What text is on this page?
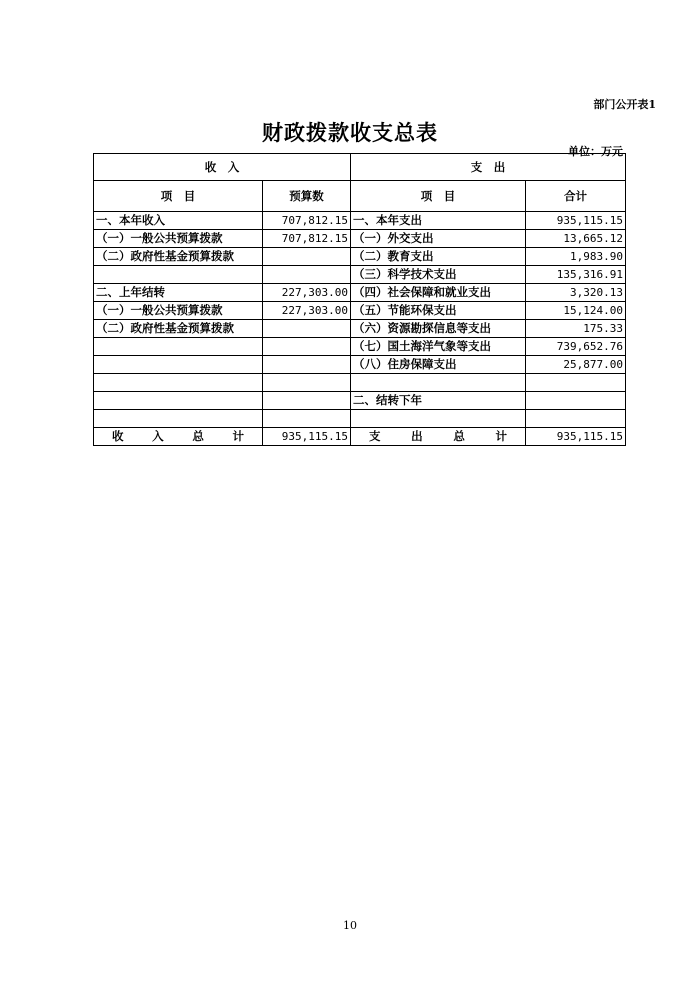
部门公开表1
财政拨款收支总表
单位：万元
收　入		支　出	
项　目	预算数	项　目	合计
一、本年收入	707,812.15	一、本年支出	935,115.15
（一）一般公共预算拨款	707,812.15	（一）外交支出	13,665.12
（二）政府性基金预算拨款		（二）教育支出	1,983.90
		（三）科学技术支出	135,316.91
二、上年结转	227,303.00	（四）社会保障和就业支出	3,320.13
（一）一般公共预算拨款	227,303.00	（五）节能环保支出	15,124.00
（二）政府性基金预算拨款		（六）资源勘探信息等支出	175.33
		（七）国土海洋气象等支出	739,652.76
		（八）住房保障支出	25,877.00

		二、结转下年	

收 入 总 计	935,115.15	支 出 总 计	935,115.15
10
